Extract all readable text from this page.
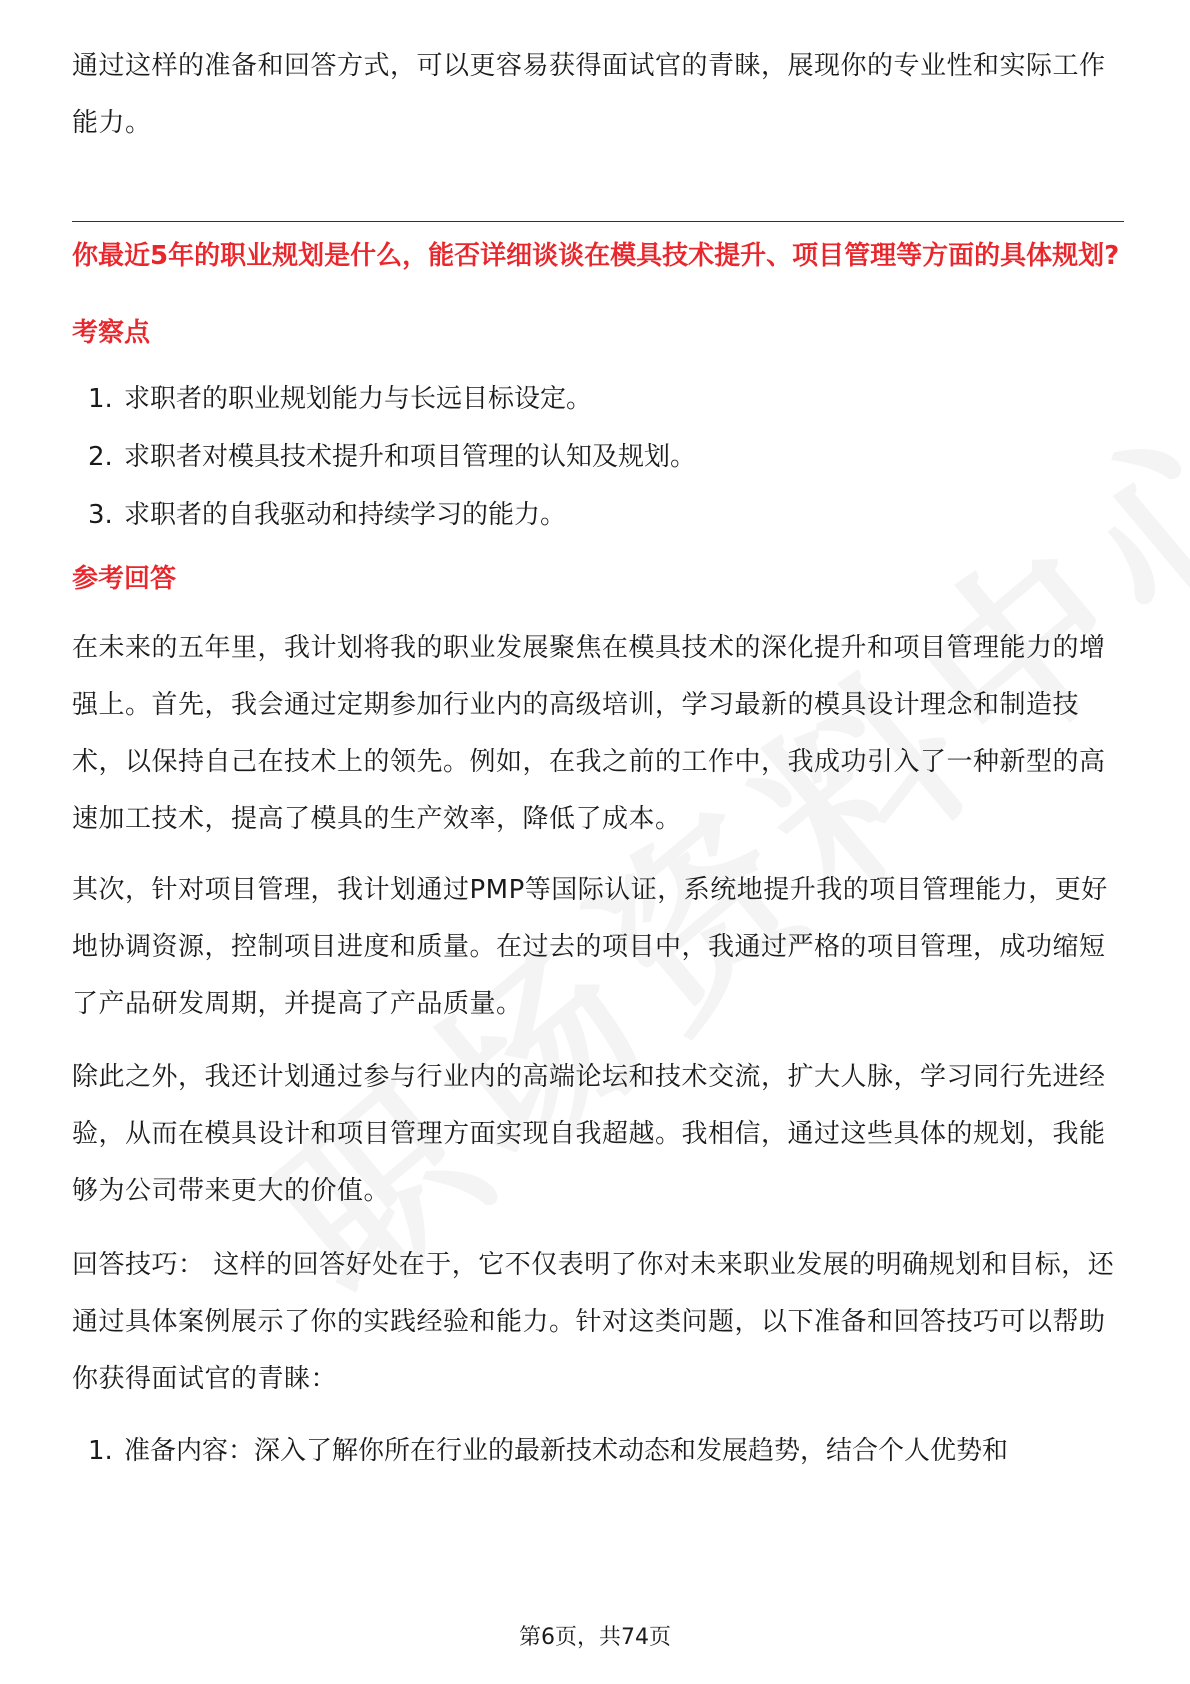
通过这样的准备和回答方式，可以更容易获得面试官的青睐，展现你的专业性和实际工作能力。

你最近5年的职业规划是什么，能否详细谈谈在模具技术提升、项目管理等方面的具体规划?

考察点

1. 求职者的职业规划能力与长远目标设定。
2. 求职者对模具技术提升和项目管理的认知及规划。
3. 求职者的自我驱动和持续学习的能力。

参考回答

在未来的五年里，我计划将我的职业发展聚焦在模具技术的深化提升和项目管理能力的增强上。首先，我会通过定期参加行业内的高级培训，学习最新的模具设计理念和制造技术，以保持自己在技术上的领先。例如，在我之前的工作中，我成功引入了一种新型的高速加工技术，提高了模具的生产效率，降低了成本。

其次，针对项目管理，我计划通过PMP等国际认证，系统地提升我的项目管理能力，更好地协调资源，控制项目进度和质量。在过去的项目中，我通过严格的项目管理，成功缩短了产品研发周期，并提高了产品质量。

除此之外，我还计划通过参与行业内的高端论坛和技术交流，扩大人脉，学习同行先进经验，从而在模具设计和项目管理方面实现自我超越。我相信，通过这些具体的规划，我能够为公司带来更大的价值。

回答技巧： 这样的回答好处在于，它不仅表明了你对未来职业发展的明确规划和目标，还通过具体案例展示了你的实践经验和能力。针对这类问题，以下准备和回答技巧可以帮助你获得面试官的青睐：

1. 准备内容：深入了解你所在行业的最新技术动态和发展趋势，结合个人优势和
第6页，共74页
